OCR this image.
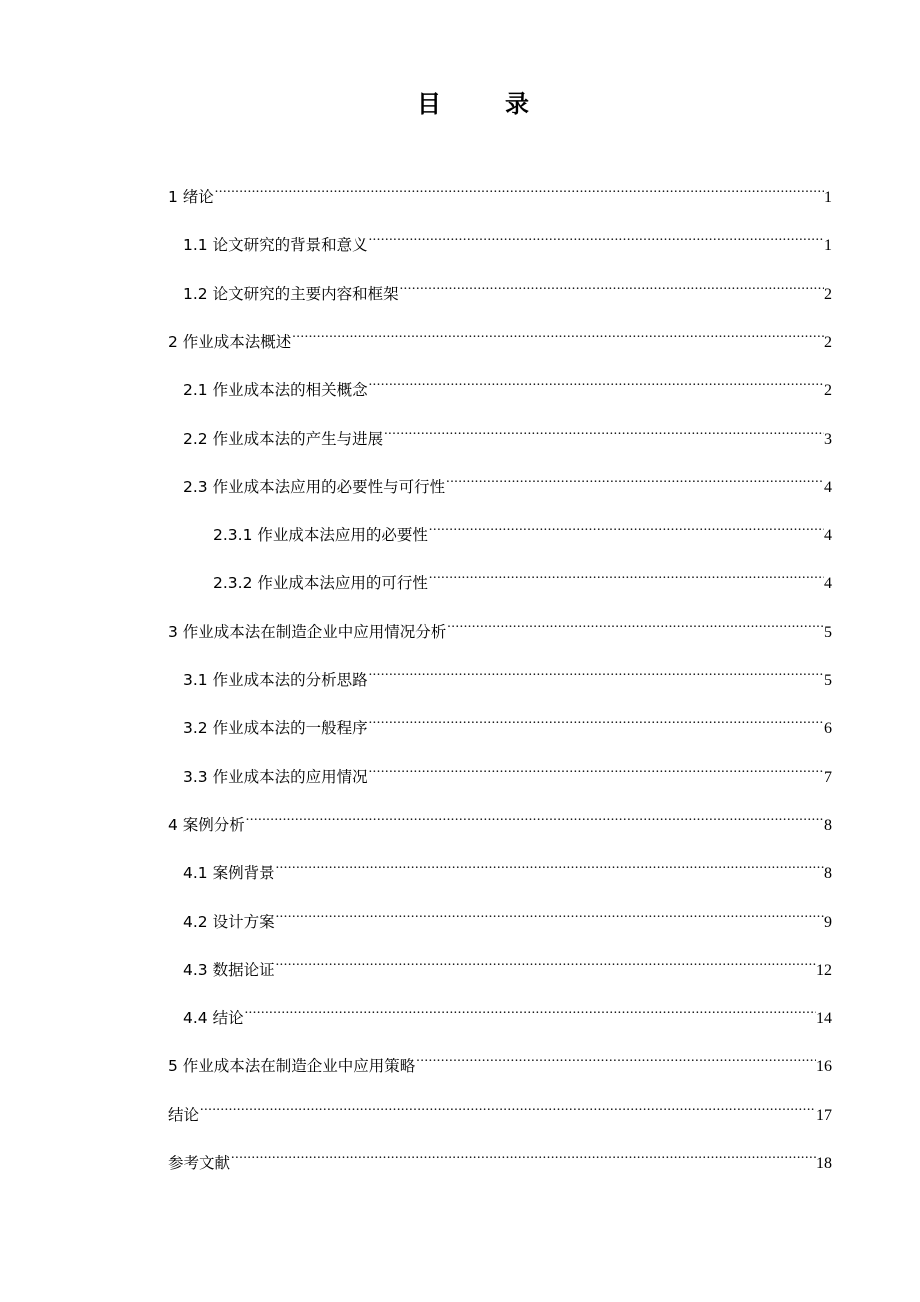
目　录
1 绪论 .....	1
1.1 论文研究的背景和意义 .....	1
1.2 论文研究的主要内容和框架 .....	2
2 作业成本法概述 .....	2
2.1 作业成本法的相关概念 .....	2
2.2 作业成本法的产生与进展 .....	3
2.3 作业成本法应用的必要性与可行性 .....	4
2.3.1 作业成本法应用的必要性 .....	4
2.3.2 作业成本法应用的可行性 .....	4
3 作业成本法在制造企业中应用情况分析 .....	5
3.1 作业成本法的分析思路 .....	5
3.2 作业成本法的一般程序 .....	6
3.3 作业成本法的应用情况 .....	7
4 案例分析 .....	8
4.1 案例背景 .....	8
4.2 设计方案 .....	9
4.3 数据论证 .....	12
4.4 结论 .....	14
5 作业成本法在制造企业中应用策略 .....	16
结论 .....	17
参考文献 .....	18
